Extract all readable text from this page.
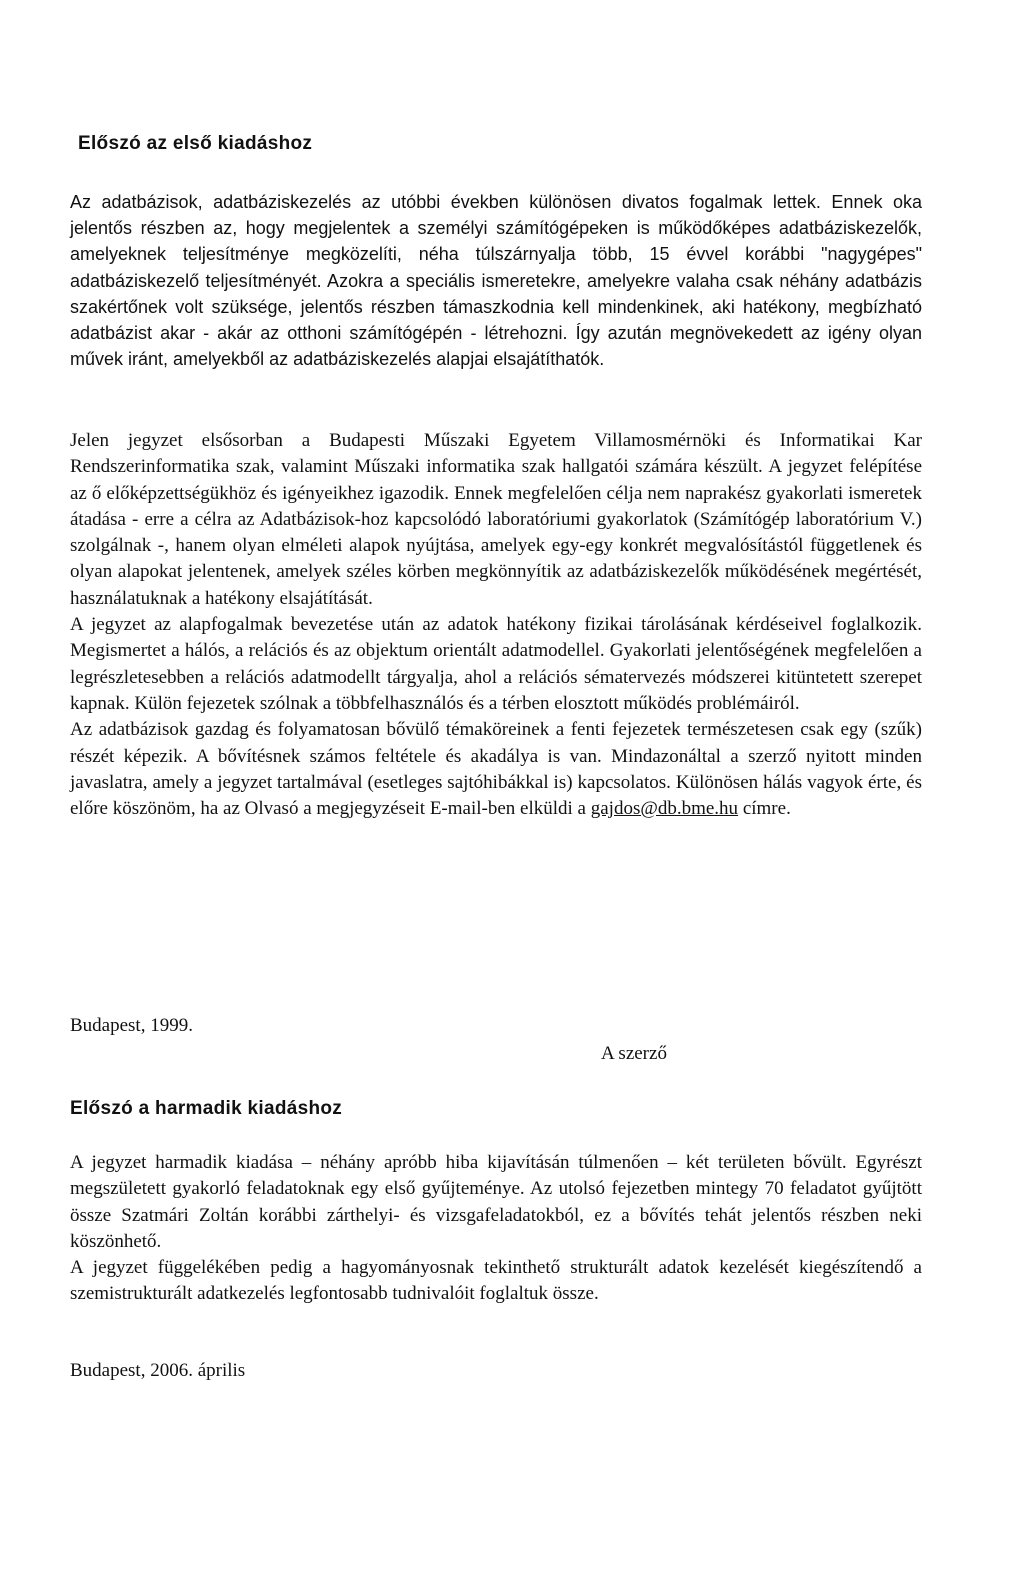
Előszó az első kiadáshoz

Az adatbázisok, adatbáziskezelés az utóbbi években különösen divatos fogalmak lettek. Ennek oka jelentős részben az, hogy megjelentek a személyi számítógépeken is működőképes adatbáziskezelők, amelyeknek teljesítménye megközelíti, néha túlszárnyalja több, 15 évvel korábbi "nagygépes" adatbáziskezelő teljesítményét. Azokra a speciális ismeretekre, amelyekre valaha csak néhány adatbázis szakértőnek volt szüksége, jelentős részben támaszkodnia kell mindenkinek, aki hatékony, megbízható adatbázist akar - akár az otthoni számítógépén - létrehozni. Így azután megnövekedett az igény olyan művek iránt, amelyekből az adatbáziskezelés alapjai elsajátíthatók.

Jelen jegyzet elsősorban a Budapesti Műszaki Egyetem Villamosmérnöki és Informatikai Kar Rendszerinformatika szak, valamint Műszaki informatika szak hallgatói számára készült. A jegyzet felépítése az ő előképzettségükhöz és igényeikhez igazodik. Ennek megfelelően célja nem naprakész gyakorlati ismeretek átadása - erre a célra az Adatbázisok-hoz kapcsolódó laboratóriumi gyakorlatok (Számítógép laboratórium V.) szolgálnak -, hanem olyan elméleti alapok nyújtása, amelyek egy-egy konkrét megvalósítástól függetlenek és olyan alapokat jelentenek, amelyek széles körben megkönnyítik az adatbáziskezelők működésének megértését, használatuknak a hatékony elsajátítását.

A jegyzet az alapfogalmak bevezetése után az adatok hatékony fizikai tárolásának kérdéseivel foglalkozik. Megismertet a hálós, a relációs és az objektum orientált adatmodellel. Gyakorlati jelentőségének megfelelően a legrészletesebben a relációs adatmodellt tárgyalja, ahol a relációs sématervezés módszerei kitüntetett szerepet kapnak. Külön fejezetek szólnak a többfelhasználós és a térben elosztott működés problémáiról.

Az adatbázisok gazdag és folyamatosan bővülő témaköreinek a fenti fejezetek természetesen csak egy (szűk) részét képezik. A bővítésnek számos feltétele és akadálya is van. Mindazonáltal a szerző nyitott minden javaslatra, amely a jegyzet tartalmával (esetleges sajtóhibákkal is) kapcsolatos. Különösen hálás vagyok érte, és előre köszönöm, ha az Olvasó a megjegyzéseit E-mail-ben elküldi a gajdos@db.bme.hu címre.

Budapest, 1999.
A szerző
Előszó a harmadik kiadáshoz

A jegyzet harmadik kiadása – néhány apróbb hiba kijavításán túlmenően – két területen bővült. Egyrészt megszületett gyakorló feladatoknak egy első gyűjteménye. Az utolsó fejezetben mintegy 70 feladatot gyűjtött össze Szatmári Zoltán korábbi zárthelyi- és vizsgafeladatokból, ez a bővítés tehát jelentős részben neki köszönhető.

A jegyzet függelékében pedig a hagyományosnak tekinthető strukturált adatok kezelését kiegészítendő a szemistrukturált adatkezelés legfontosabb tudnivalóit foglaltuk össze.

Budapest, 2006. április
